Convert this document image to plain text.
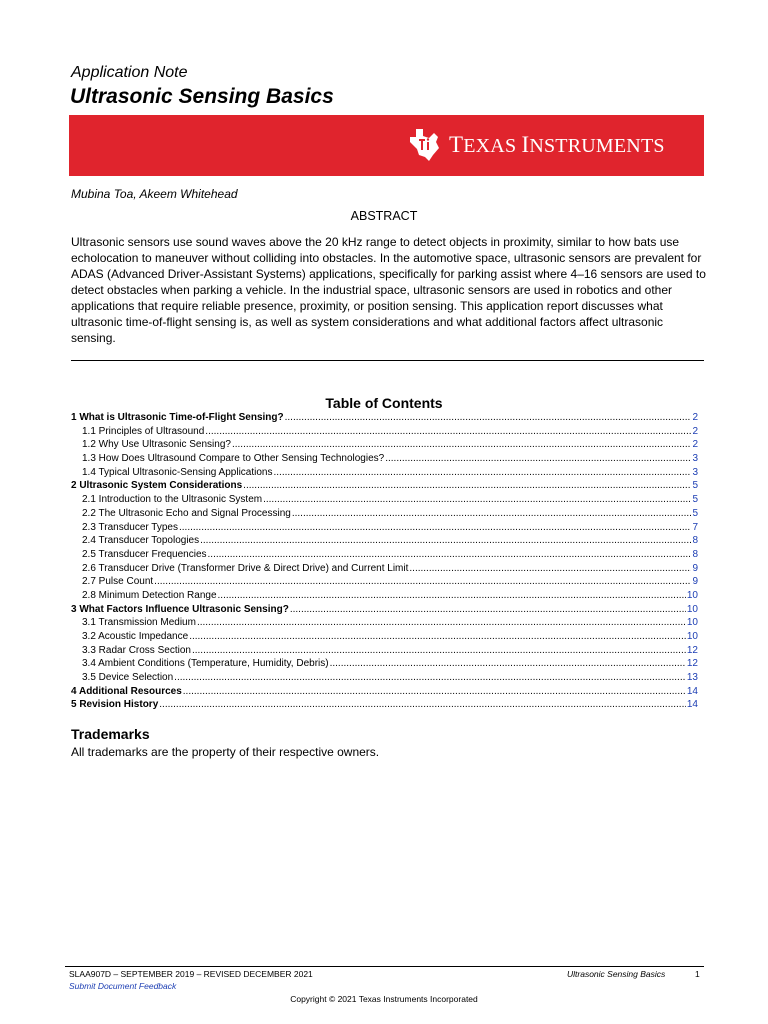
Application Note
Ultrasonic Sensing Basics
TEXAS INSTRUMENTS
Mubina Toa, Akeem Whitehead
ABSTRACT
Ultrasonic sensors use sound waves above the 20 kHz range to detect objects in proximity, similar to how bats use echolocation to maneuver without colliding into obstacles. In the automotive space, ultrasonic sensors are prevalent for ADAS (Advanced Driver-Assistant Systems) applications, specifically for parking assist where 4–16 sensors are used to detect obstacles when parking a vehicle. In the industrial space, ultrasonic sensors are used in robotics and other applications that require reliable presence, proximity, or position sensing. This application report discusses what ultrasonic time-of-flight sensing is, as well as system considerations and what additional factors affect ultrasonic sensing.
Table of Contents
1 What is Ultrasonic Time-of-Flight Sensing? .....	2
1.1 Principles of Ultrasound .....	2
1.2 Why Use Ultrasonic Sensing? .....	2
1.3 How Does Ultrasound Compare to Other Sensing Technologies? .....	3
1.4 Typical Ultrasonic-Sensing Applications .....	3
2 Ultrasonic System Considerations .....	5
2.1 Introduction to the Ultrasonic System .....	5
2.2 The Ultrasonic Echo and Signal Processing .....	5
2.3 Transducer Types .....	7
2.4 Transducer Topologies .....	8
2.5 Transducer Frequencies .....	8
2.6 Transducer Drive (Transformer Drive & Direct Drive) and Current Limit .....	9
2.7 Pulse Count .....	9
2.8 Minimum Detection Range .....	10
3 What Factors Influence Ultrasonic Sensing? .....	10
3.1 Transmission Medium .....	10
3.2 Acoustic Impedance .....	10
3.3 Radar Cross Section .....	12
3.4 Ambient Conditions (Temperature, Humidity, Debris) .....	12
3.5 Device Selection .....	13
4 Additional Resources .....	14
5 Revision History .....	14
Trademarks
All trademarks are the property of their respective owners.
SLAA907D – SEPTEMBER 2019 – REVISED DECEMBER 2021
Submit Document Feedback
Ultrasonic Sensing Basics	1
Copyright © 2021 Texas Instruments Incorporated
